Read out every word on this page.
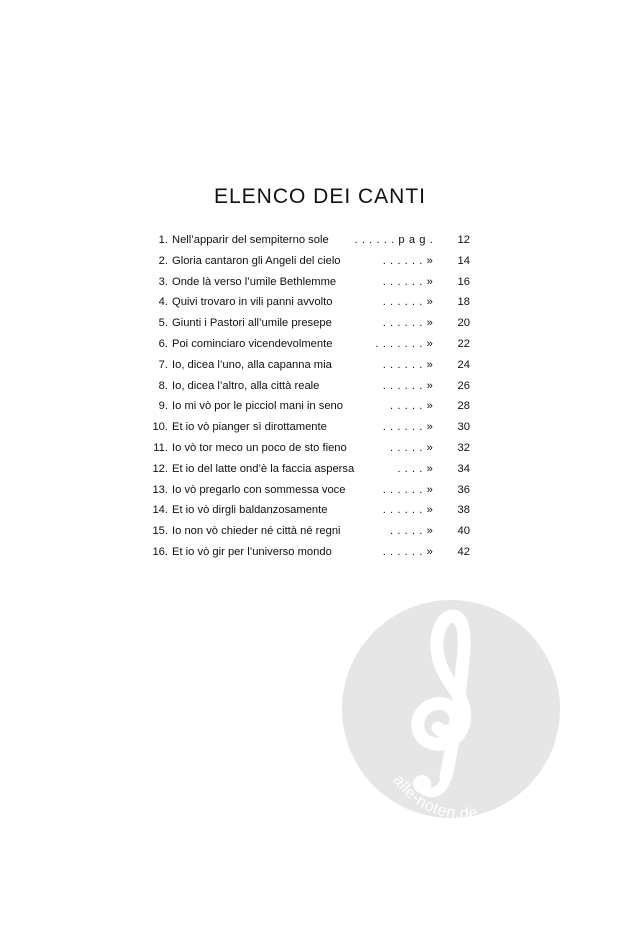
ELENCO DEI CANTI
1. Nell’apparir del sempiterno sole	......pag.	12
2. Gloria cantaron gli Angeli del cielo	......»	14
3. Onde là verso l’umile Bethlemme	......»	16
4. Quivi trovaro in vili panni avvolto	......»	18
5. Giunti i Pastori all’umile presepe	......»	20
6. Poi cominciaro vicendevolmente	.......»	22
7. Io, dicea l’uno, alla capanna mia	......»	24
8. Io, dicea l’altro, alla città reale	......»	26
9. Io mi vò por le picciol mani in seno	.....»	28
10. Et io vò pianger sì dirottamente	......»	30
11. Io vò tor meco un poco de sto fieno	.....»	32
12. Et io del latte ond’è la faccia aspersa	....»	34
13. Io vò pregarlo con sommessa voce	......»	36
14. Et io vò dirgli baldanzosamente	......»	38
15. Io non vò chieder né città né regni	.....»	40
16. Et io vò gir per l’universo mondo	......»	42
alle-noten.de
